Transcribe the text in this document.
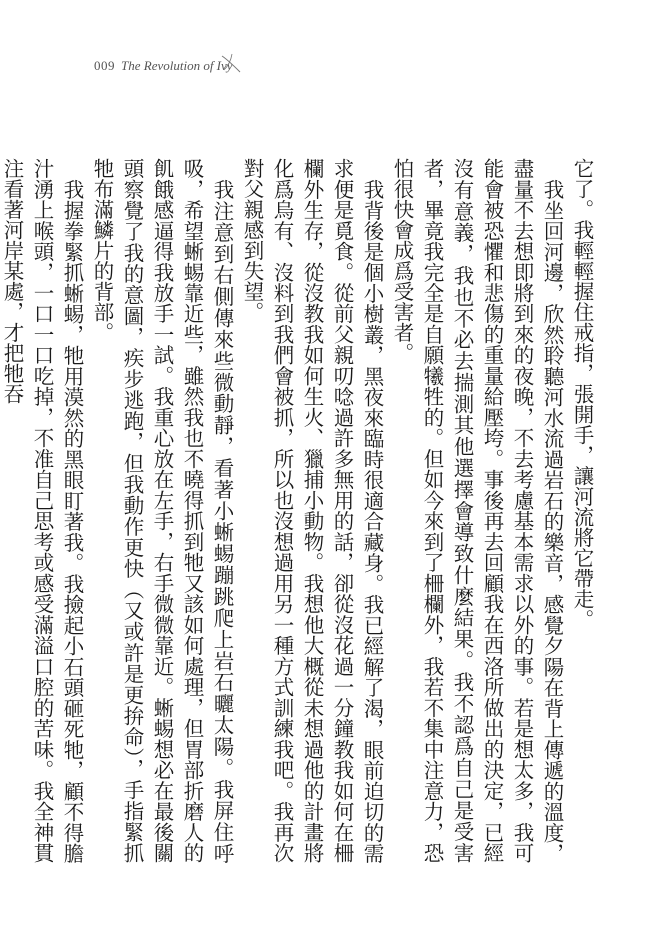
009 The Revolution of Ivy

它了。我輕輕握住戒指，張開手，讓河流將它帶走。

我坐回河邊，欣然聆聽河水流過岩石的樂音，感覺夕陽在背上傳遞的溫度，盡量不去想即將到來的夜晚，不去考慮基本需求以外的事。若是想太多，我可能會被恐懼和悲傷的重量給壓垮。事後再去回顧我在西洛所做出的決定，已經沒有意義，我也不必去揣測其他選擇會導致什麼結果。我不認爲自己是受害者，畢竟我完全是自願犧牲的。但如今來到了柵欄外，我若不集中注意力，恐怕很快會成爲受害者。

我背後是個小樹叢，黑夜來臨時很適合藏身。我已經解了渴，眼前迫切的需求便是覓食。從前父親叨唸過許多無用的話，卻從沒花過一分鐘教我如何在柵欄外生存，從沒教我如何生火、獵捕小動物。我想他大概從未想過他的計畫將化爲烏有、沒料到我們會被抓，所以也沒想過用另一種方式訓練我吧。我再次對父親感到失望。

我注意到右側傳來些微動靜，看著小蜥蜴蹦跳爬上岩石曬太陽。我屏住呼吸，希望蜥蜴靠近些，雖然我也不曉得抓到牠又該如何處理，但胃部折磨人的飢餓感逼得我放手一試。我重心放在左手，右手微微靠近。蜥蜴想必在最後關頭察覺了我的意圖，疾步逃跑，但我動作更快（又或許是更拚命），手指緊抓牠布滿鱗片的背部。

我握拳緊抓蜥蜴，牠用漠然的黑眼盯著我。我撿起小石頭砸死牠，顧不得膽汁湧上喉頭，一口一口吃掉，不准自己思考或感受滿溢口腔的苦味。我全神貫注看著河岸某處，才把牠吞
